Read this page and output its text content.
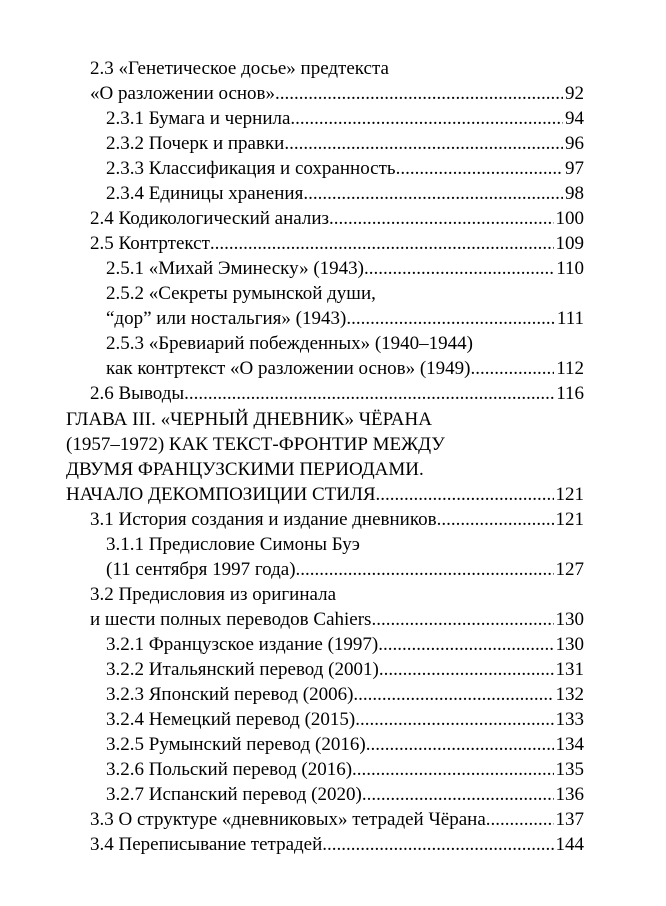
2.3 «Генетическое досье» предтекста
«О разложении основ» .....	92
2.3.1 Бумага и чернила .....	94
2.3.2 Почерк и правки .....	96
2.3.3 Классификация и сохранность .....	97
2.3.4 Единицы хранения .....	98
2.4 Кодикологический анализ .....	100
2.5 Контртекст .....	109
2.5.1 «Михай Эминеску» (1943) .....	110
2.5.2 «Секреты румынской души,
“дор” или ностальгия» (1943) .....	111
2.5.3 «Бревиарий побежденных» (1940–1944)
как контртекст «О разложении основ» (1949) .....	112
2.6 Выводы .....	116
ГЛАВА III. «ЧЕРНЫЙ ДНЕВНИК» ЧЁРАНА
(1957–1972) КАК ТЕКСТ-ФРОНТИР МЕЖДУ
ДВУМЯ ФРАНЦУЗСКИМИ ПЕРИОДАМИ.
НАЧАЛО ДЕКОМПОЗИЦИИ СТИЛЯ .....	121
3.1 История создания и издание дневников .....	121
3.1.1 Предисловие Симоны Буэ
(11 сентября 1997 года) .....	127
3.2 Предисловия из оригинала
и шести полных переводов Cahiers .....	130
3.2.1 Французское издание (1997) .....	130
3.2.2 Итальянский перевод (2001) .....	131
3.2.3 Японский перевод (2006) .....	132
3.2.4 Немецкий перевод (2015) .....	133
3.2.5 Румынский перевод (2016) .....	134
3.2.6 Польский перевод (2016) .....	135
3.2.7 Испанский перевод (2020) .....	136
3.3 О структуре «дневниковых» тетрадей Чёрана .....	137
3.4 Переписывание тетрадей .....	144
